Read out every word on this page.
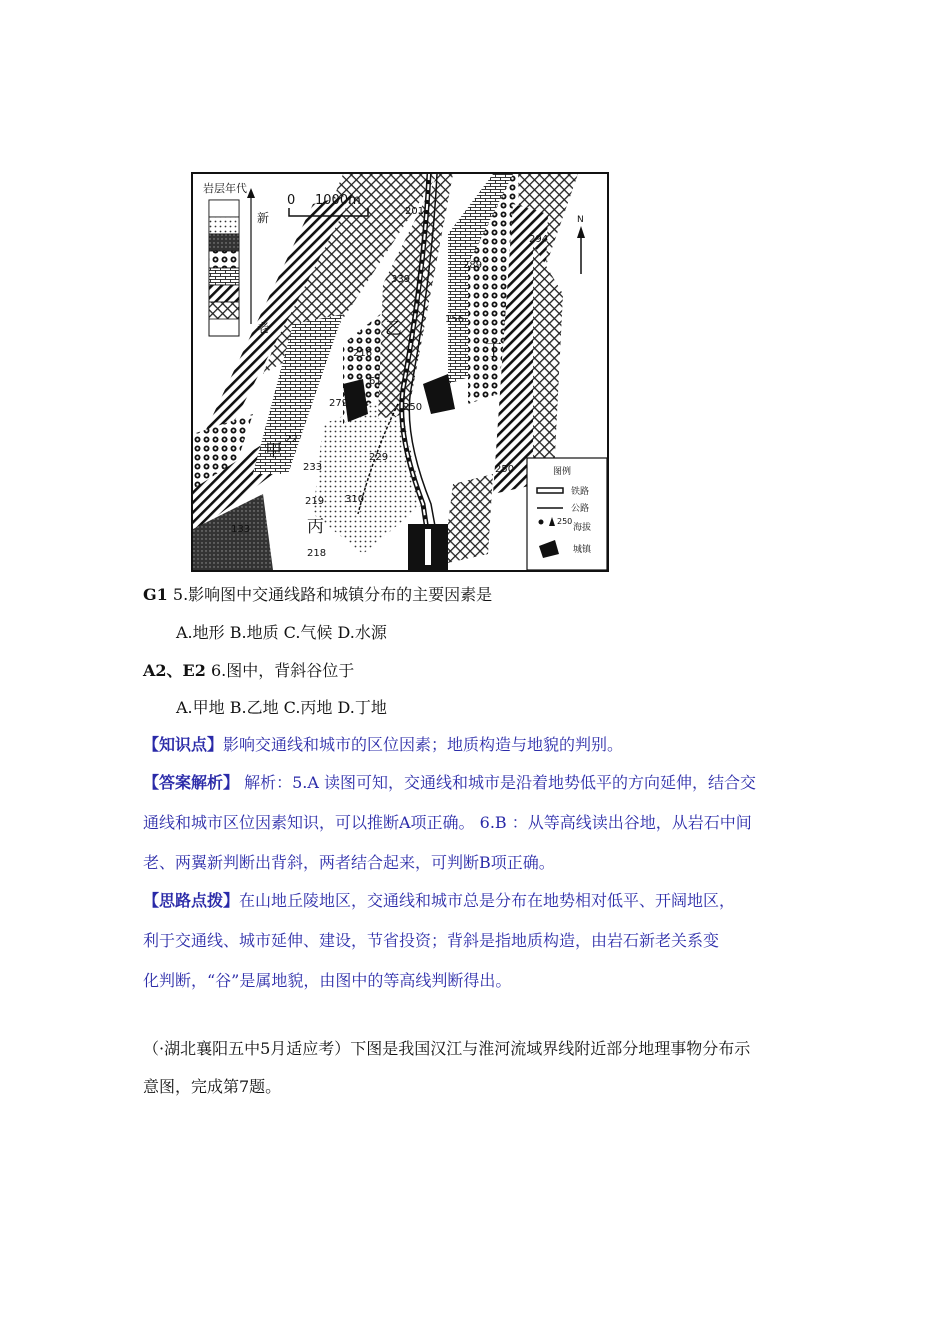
岩层年代
新
老
0 1000m
N
甲
乙
丙
丁
201
339
216
61
279
22
233
219
218
310
229
289
156
250
294
250
133
图例
铁路
公路
250
海拔
城镇
G1 5.影响图中交通线路和城镇分布的主要因素是
A.地形 B.地质 C.气候 D.水源
A2、E2 6.图中，背斜谷位于
A.甲地 B.乙地 C.丙地 D.丁地
【知识点】影响交通线和城市的区位因素；地质构造与地貌的判别。
【答案解析】 解析：5.A 读图可知，交通线和城市是沿着地势低平的方向延伸，结合交
通线和城市区位因素知识，可以推断A项正确。 6.B ：从等高线读出谷地，从岩石中间
老、两翼新判断出背斜，两者结合起来，可判断B项正确。
【思路点拨】在山地丘陵地区，交通线和城市总是分布在地势相对低平、开阔地区，
利于交通线、城市延伸、建设，节省投资；背斜是指地质构造，由岩石新老关系变
化判断，“谷”是属地貌，由图中的等高线判断得出。
（·湖北襄阳五中5月适应考）下图是我国汉江与淮河流域界线附近部分地理事物分布示
意图，完成第7题。
